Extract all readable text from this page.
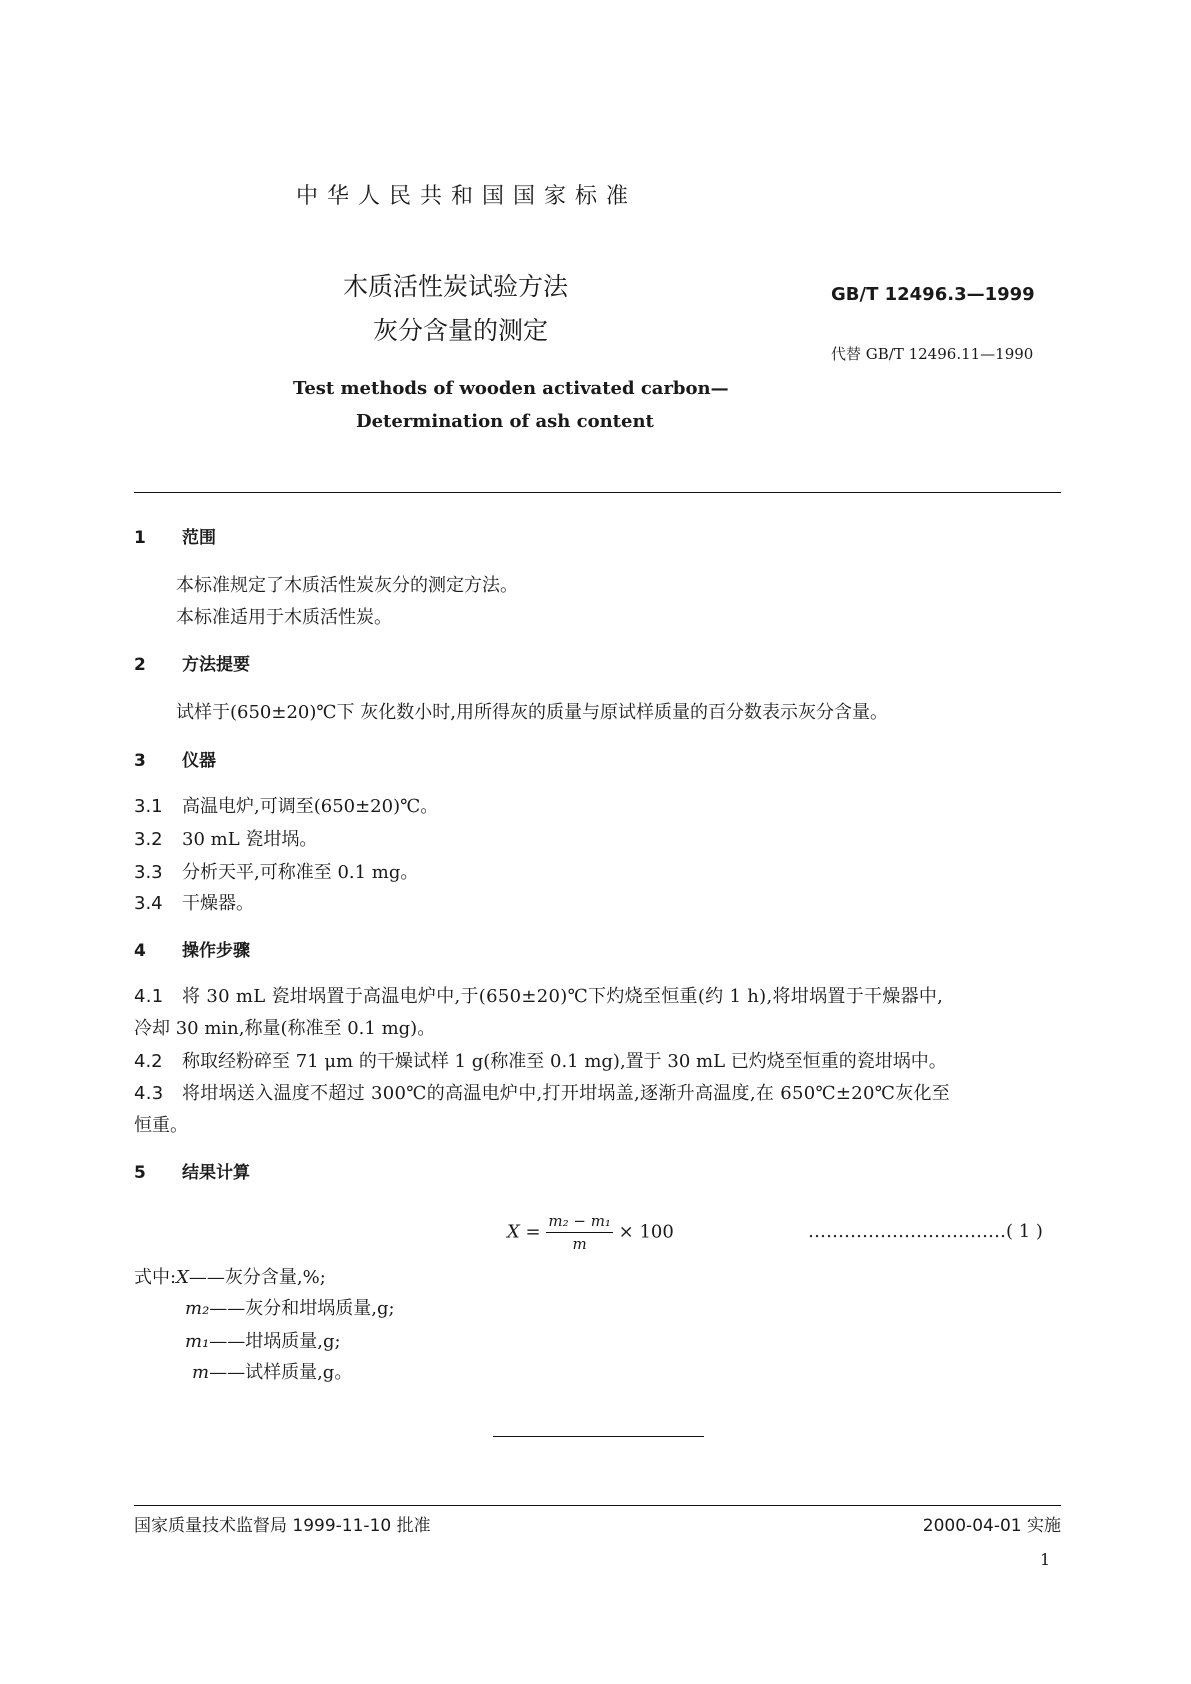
中华人民共和国国家标准
木质活性炭试验方法
灰分含量的测定
GB/T 12496.3—1999
代替 GB/T 12496.11—1990
Test methods of wooden activated carbon—
Determination of ash content
1 范围
本标准规定了木质活性炭灰分的测定方法。
本标准适用于木质活性炭。
2 方法提要
试样于(650±20)℃下 灰化数小时,用所得灰的质量与原试样质量的百分数表示灰分含量。
3 仪器
3.1 高温电炉,可调至(650±20)℃。
3.2 30 mL 瓷坩埚。
3.3 分析天平,可称准至 0.1 mg。
3.4 干燥器。
4 操作步骤
4.1 将 30 mL 瓷坩埚置于高温电炉中,于(650±20)℃下灼烧至恒重(约 1 h),将坩埚置于干燥器中,
冷却 30 min,称量(称准至 0.1 mg)。
4.2 称取经粉碎至 71 μm 的干燥试样 1 g(称准至 0.1 mg),置于 30 mL 已灼烧至恒重的瓷坩埚中。
4.3 将坩埚送入温度不超过 300℃的高温电炉中,打开坩埚盖,逐渐升高温度,在 650℃±20℃灰化至
恒重。
5 结果计算
$X = \frac{\text{m₂ − m₁}}{m} \times 100$	……………………………( 1 )
式中:X——灰分含量,%;
m₂——灰分和坩埚质量,g;
m₁——坩埚质量,g;
m——试样质量,g。
国家质量技术监督局 1999-11-10 批准	2000-04-01 实施
1
